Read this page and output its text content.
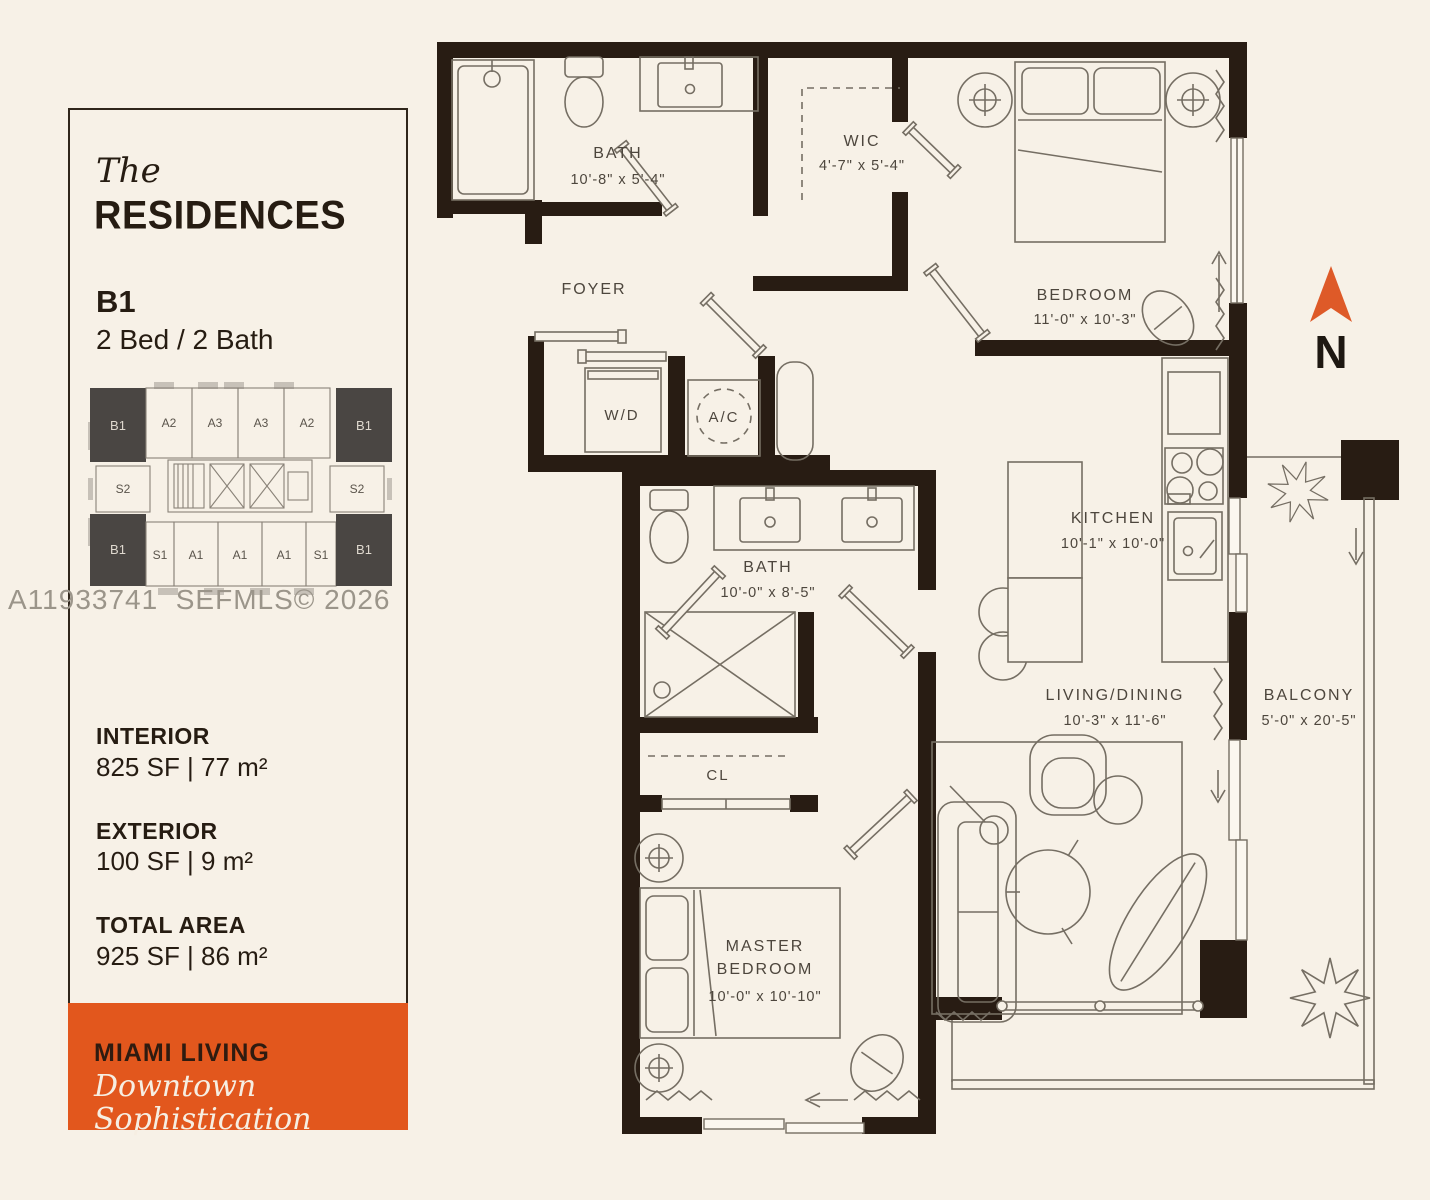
BATH
10'-8" x 5'-4"
WIC
4'-7" x 5'-4"
BEDROOM
11'-0" x 10'-3"
FOYER
W/D	A/C
BATH
10'-0" x 8'-5"
KITCHEN
10'-1" x 10'-0"
LIVING/DINING
10'-3" x 11'-6"
BALCONY
5'-0" x 20'-5"
CL
MASTER
BEDROOM
10'-0" x 10'-10"
N
The
RESIDENCES
B1
2 Bed / 2 Bath
B1	A2	A3	A3	A2	B1
S2	S2
B1 S1 A1 A1 A1 S1 B1
INTERIOR
825 SF | 77 m²
EXTERIOR
100 SF | 9 m²
TOTAL AREA
925 SF | 86 m²
MIAMI LIVING
Downtown Sophistication
A11933741  SEFMLS© 2026
